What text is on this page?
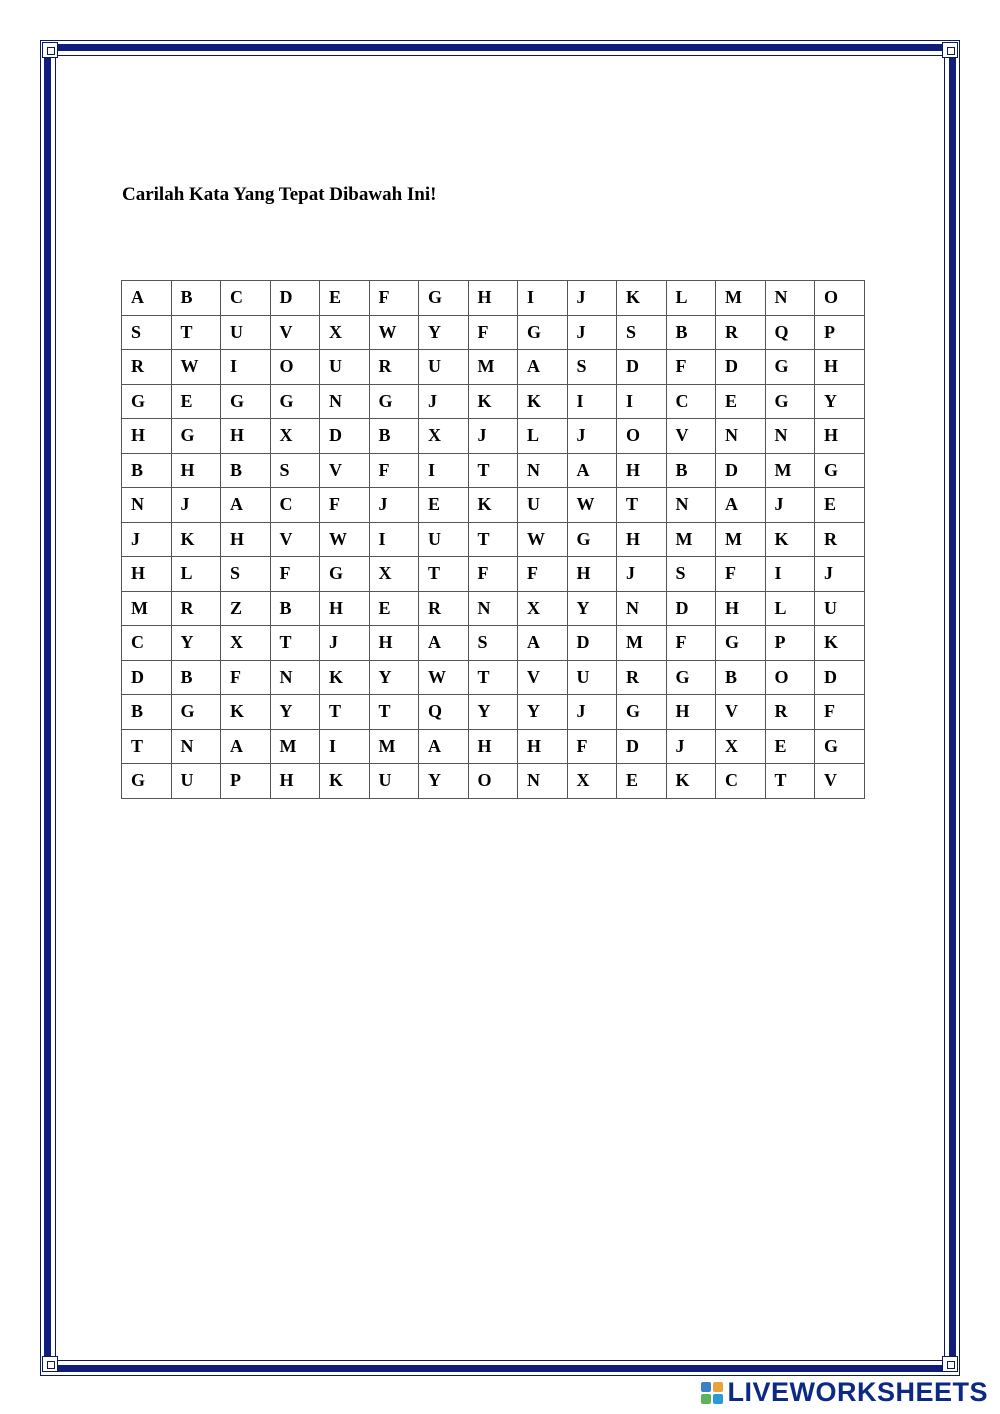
Carilah Kata Yang Tepat Dibawah Ini!
A	B	C	D	E	F	G	H	I	J	K	L	M	N	O
S	T	U	V	X	W	Y	F	G	J	S	B	R	Q	P
R	W	I	O	U	R	U	M	A	S	D	F	D	G	H
G	E	G	G	N	G	J	K	K	I	I	C	E	G	Y
H	G	H	X	D	B	X	J	L	J	O	V	N	N	H
B	H	B	S	V	F	I	T	N	A	H	B	D	M	G
N	J	A	C	F	J	E	K	U	W	T	N	A	J	E
J	K	H	V	W	I	U	T	W	G	H	M	M	K	R
H	L	S	F	G	X	T	F	F	H	J	S	F	I	J
M	R	Z	B	H	E	R	N	X	Y	N	D	H	L	U
C	Y	X	T	J	H	A	S	A	D	M	F	G	P	K
D	B	F	N	K	Y	W	T	V	U	R	G	B	O	D
B	G	K	Y	T	T	Q	Y	Y	J	G	H	V	R	F
T	N	A	M	I	M	A	H	H	F	D	J	X	E	G
G	U	P	H	K	U	Y	O	N	X	E	K	C	T	V
LIVEWORKSHEETS
